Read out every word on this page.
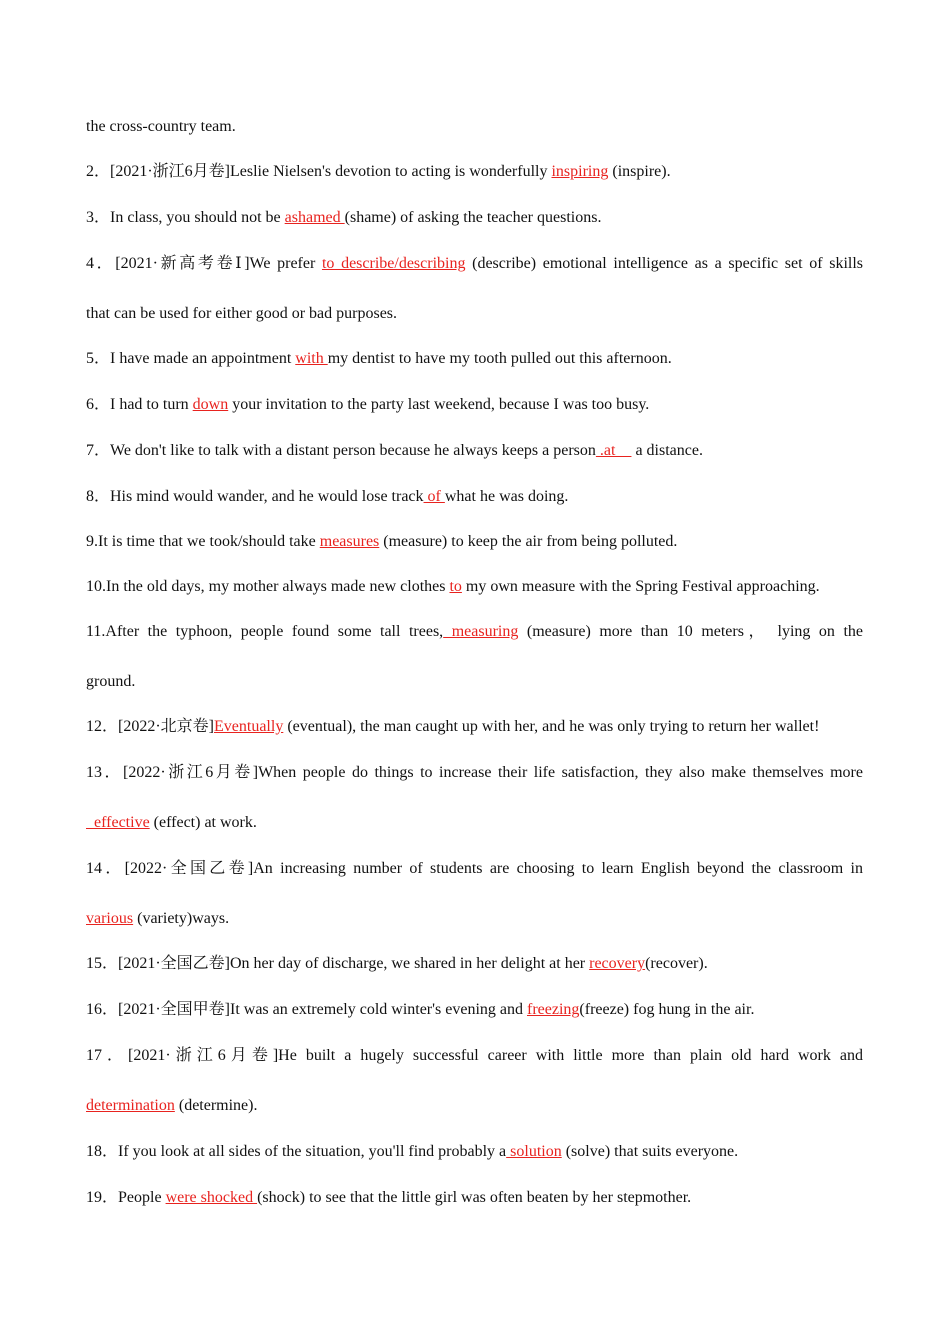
the cross-country team.
2．[2021·浙江6月卷]Leslie Nielsen's devotion to acting is wonderfully inspiring (inspire).
3．In class, you should not be ashamed (shame) of asking the teacher questions.
4．[2021·新高考卷Ⅰ]We prefer to describe/describing (describe) emotional intelligence as a specific set of skills
that can be used for either good or bad purposes.
5．I have made an appointment with my dentist to have my tooth pulled out this afternoon.
6．I had to turn down your invitation to the party last weekend, because I was too busy.
7．We don't like to talk with a distant person because he always keeps a person .at     a distance.
8．His mind would wander, and he would lose track of what he was doing.
9.It is time that we took/should take measures (measure) to keep the air from being polluted.
10.In the old days, my mother always made new clothes to my own measure with the Spring Festival approaching.
11.After the typhoon, people found some tall trees, measuring (measure) more than 10 meters， lying on the
ground.
12．[2022·北京卷]Eventually (eventual), the man caught up with her, and he was only trying to return her wallet!
13．[2022·浙江6月卷]When people do things to increase their life satisfaction, they also make themselves more
effective (effect) at work.
14．[2022·全国乙卷]An increasing number of students are choosing to learn English beyond the classroom in
various (variety)ways.
15．[2021·全国乙卷]On her day of discharge, we shared in her delight at her recovery(recover).
16．[2021·全国甲卷]It was an extremely cold winter's evening and freezing(freeze) fog hung in the air.
17．[2021·浙江6月卷]He built a hugely successful career with little more than plain old hard work and
determination (determine).
18．If you look at all sides of the situation, you'll find probably a solution (solve) that suits everyone.
19．People were shocked (shock) to see that the little girl was often beaten by her stepmother.
